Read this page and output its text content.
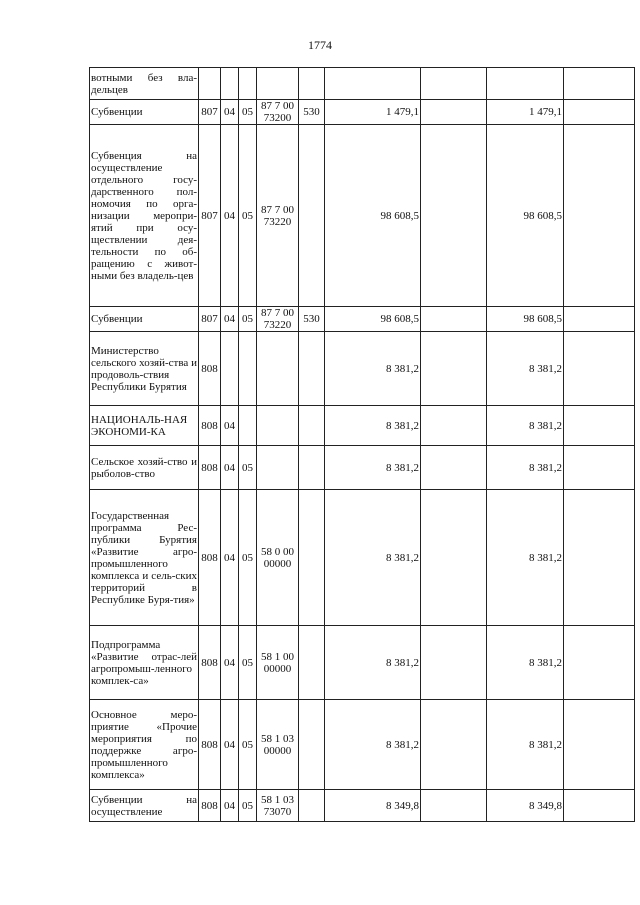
1774
вотными без вла-дельцев									

Субвенции	807	04	05	87 7 00 73200	530	1 479,1		1 479,1	

Субвенция на осуществление отдельного госу-дарственного пол-номочия по орга-низации меропри-ятий при осу-ществлении дея-тельности по об-ращению с живот-ными без владель-цев	807	04	05	87 7 00 73220		98 608,5		98 608,5	

Субвенции	807	04	05	87 7 00 73220	530	98 608,5		98 608,5	

Министерство сельского хозяй-ства и продоволь-ствия Республики Бурятия	808					8 381,2		8 381,2	

НАЦИОНАЛЬ-НАЯ ЭКОНОМИ-КА	808	04				8 381,2		8 381,2	

Сельское хозяй-ство и рыболов-ство	808	04	05			8 381,2		8 381,2	

Государственная программа Рес-публики Бурятия «Развитие агро-промышленного комплекса и сель-ских территорий в Республике Буря-тия»	808	04	05	58 0 00 00000		8 381,2		8 381,2	

Подпрограмма «Развитие отрас-лей агропромыш-ленного комплек-са»	808	04	05	58 1 00 00000		8 381,2		8 381,2	

Основное меро-приятие «Прочие мероприятия по поддержке агро-промышленного комплекса»	808	04	05	58 1 03 00000		8 381,2		8 381,2	

Субвенции на осуществление	808	04	05	58 1 03 73070		8 349,8		8 349,8	
